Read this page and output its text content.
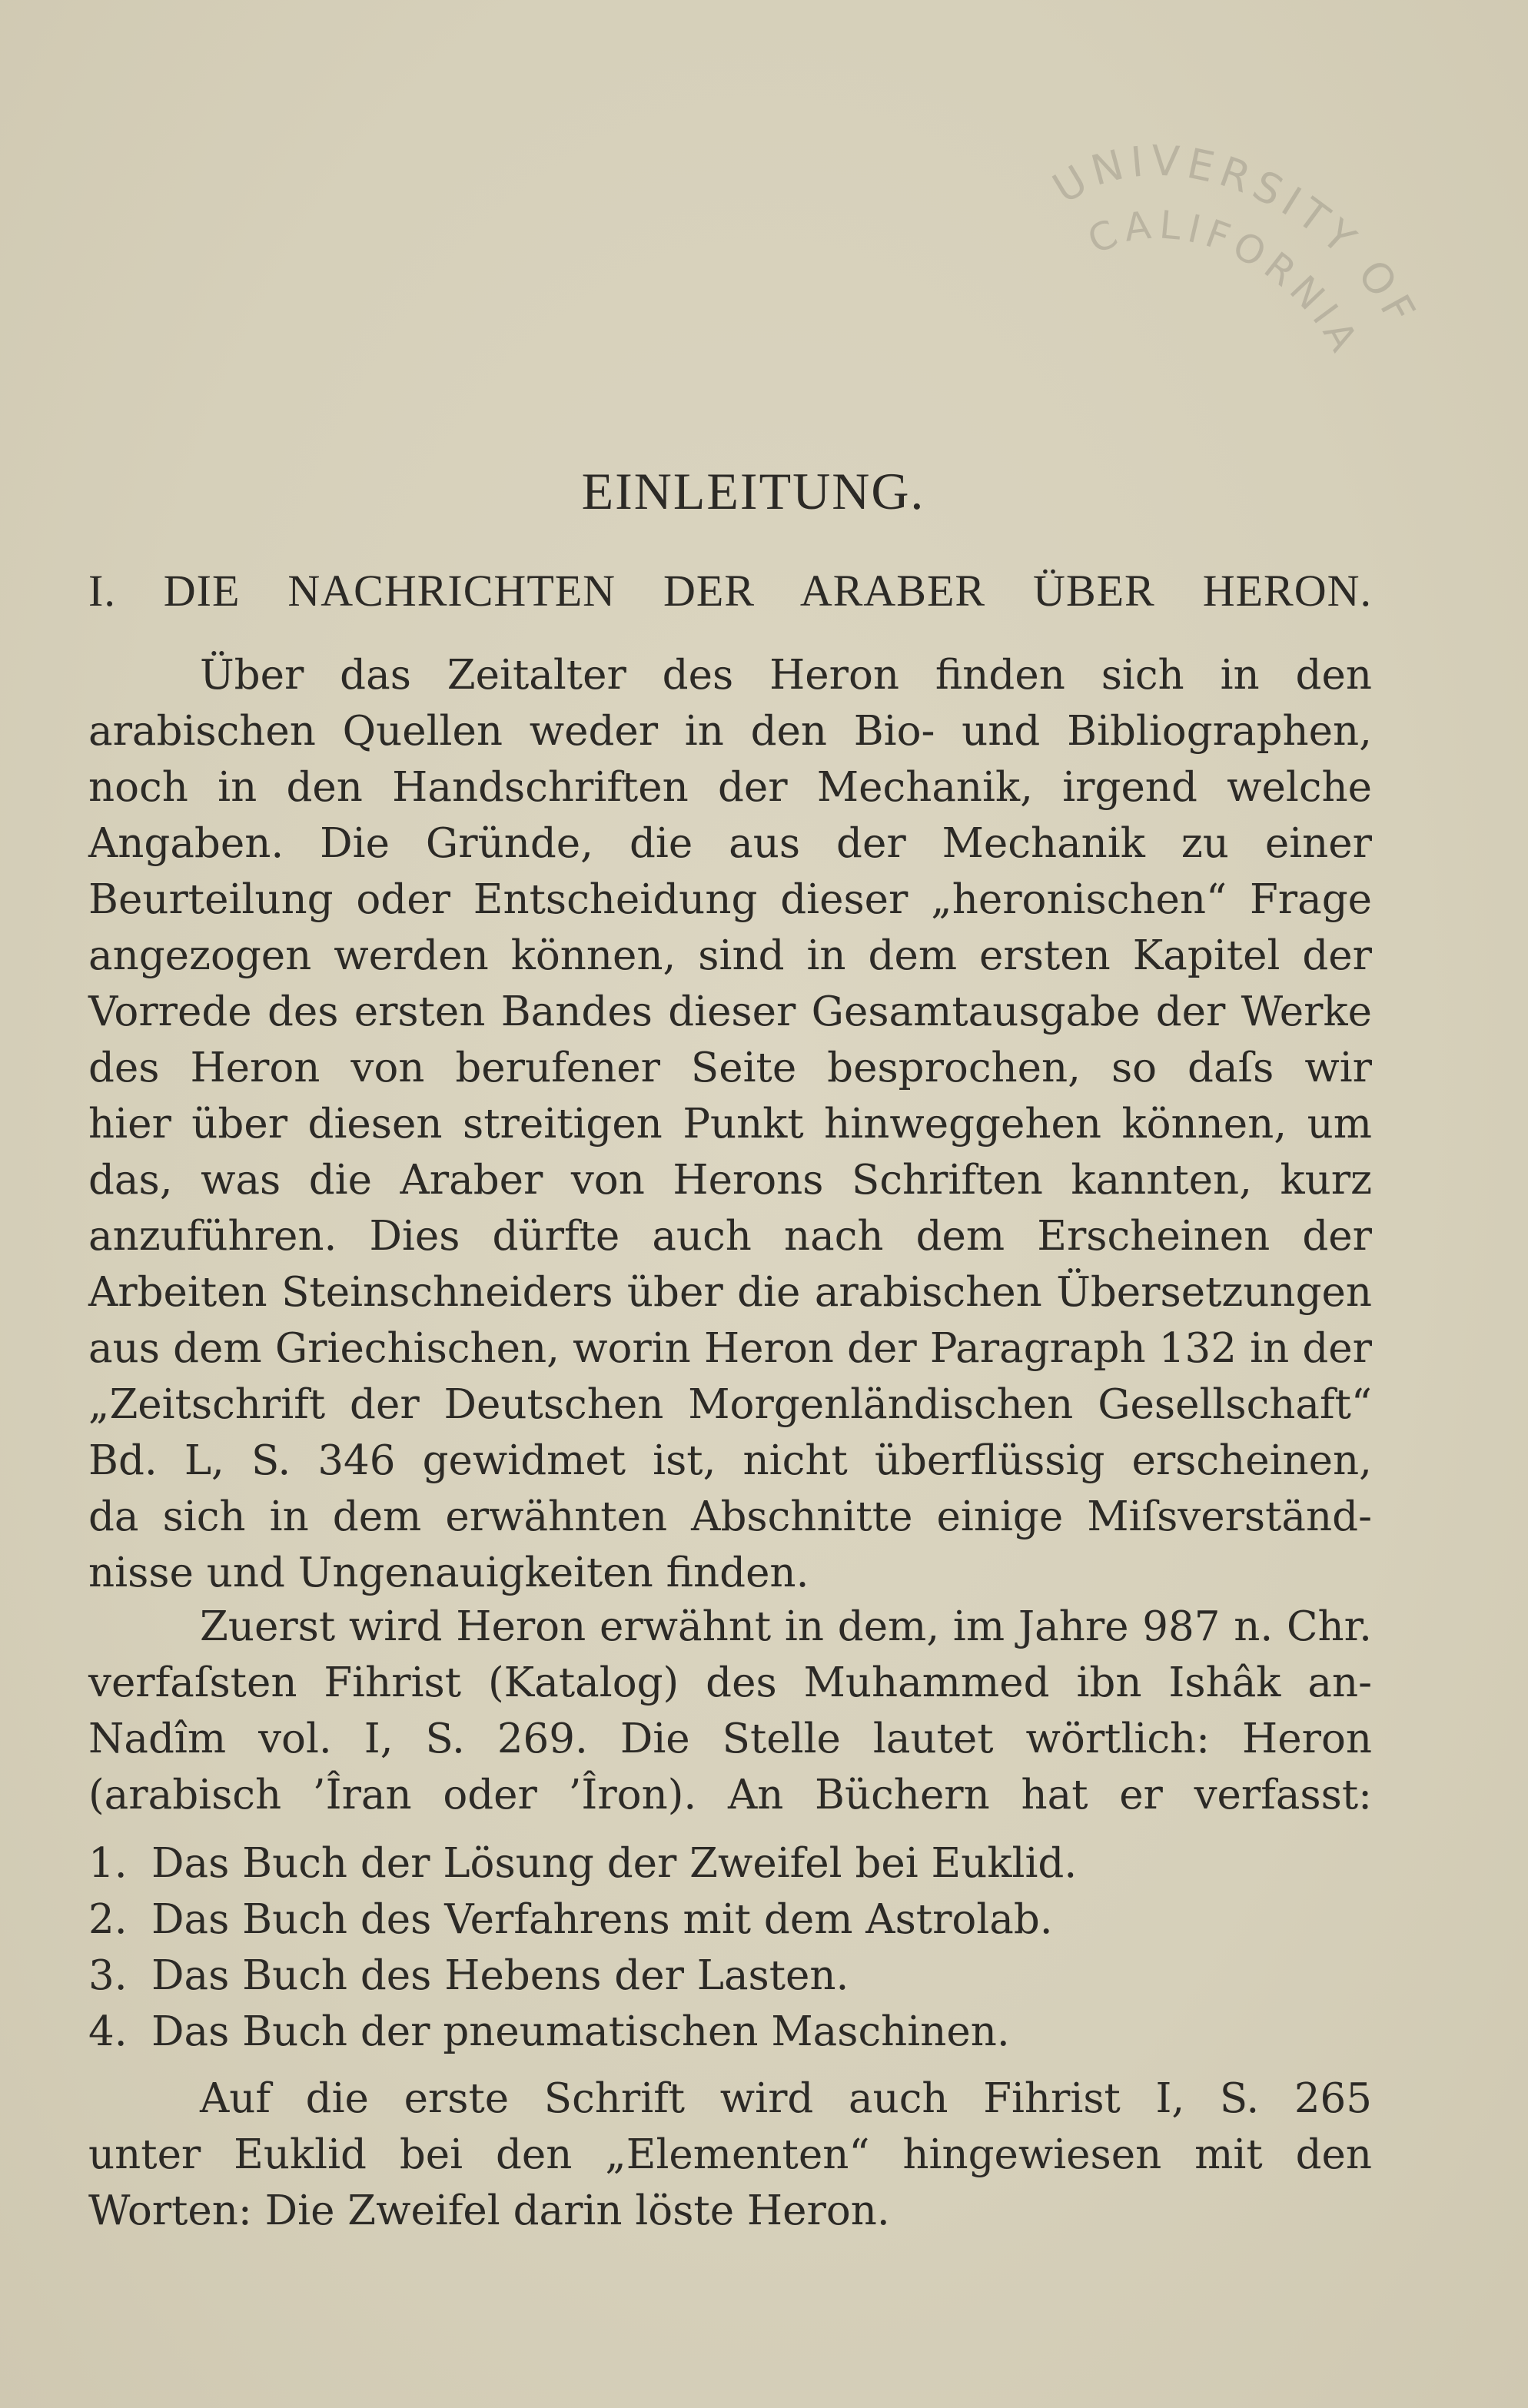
UNIVERSITY OF
CALIFORNIA
EINLEITUNG.
I. DIE NACHRICHTEN DER ARABER ÜBER HERON.
Über das Zeitalter des Heron finden sich in den
arabischen Quellen weder in den Bio- und Bibliographen,
noch in den Handschriften der Mechanik, irgend welche
Angaben. Die Gründe, die aus der Mechanik zu einer
Beurteilung oder Entscheidung dieser „heronischen“ Frage
angezogen werden können, sind in dem ersten Kapitel der
Vorrede des ersten Bandes dieser Gesamtausgabe der Werke
des Heron von berufener Seite besprochen, so daſs wir
hier über diesen streitigen Punkt hinweggehen können, um
das, was die Araber von Herons Schriften kannten, kurz
anzuführen. Dies dürfte auch nach dem Erscheinen der
Arbeiten Steinschneiders über die arabischen Übersetzungen
aus dem Griechischen, worin Heron der Paragraph 132 in der
„Zeitschrift der Deutschen Morgenländischen Gesellschaft“
Bd. L, S. 346 gewidmet ist, nicht überflüssig erscheinen,
da sich in dem erwähnten Abschnitte einige Miſsverständ-
nisse und Ungenauigkeiten finden.
Zuerst wird Heron erwähnt in dem, im Jahre 987 n. Chr.
verfaſsten Fihrist (Katalog) des Muhammed ibn Ishâk an-
Nadîm vol. I, S. 269. Die Stelle lautet wörtlich: Heron
(arabisch ’Îran oder ’Îron). An Büchern hat er verfasst:
1. Das Buch der Lösung der Zweifel bei Euklid.
2. Das Buch des Verfahrens mit dem Astrolab.
3. Das Buch des Hebens der Lasten.
4. Das Buch der pneumatischen Maschinen.
Auf die erste Schrift wird auch Fihrist I, S. 265
unter Euklid bei den „Elementen“ hingewiesen mit den
Worten: Die Zweifel darin löste Heron.
